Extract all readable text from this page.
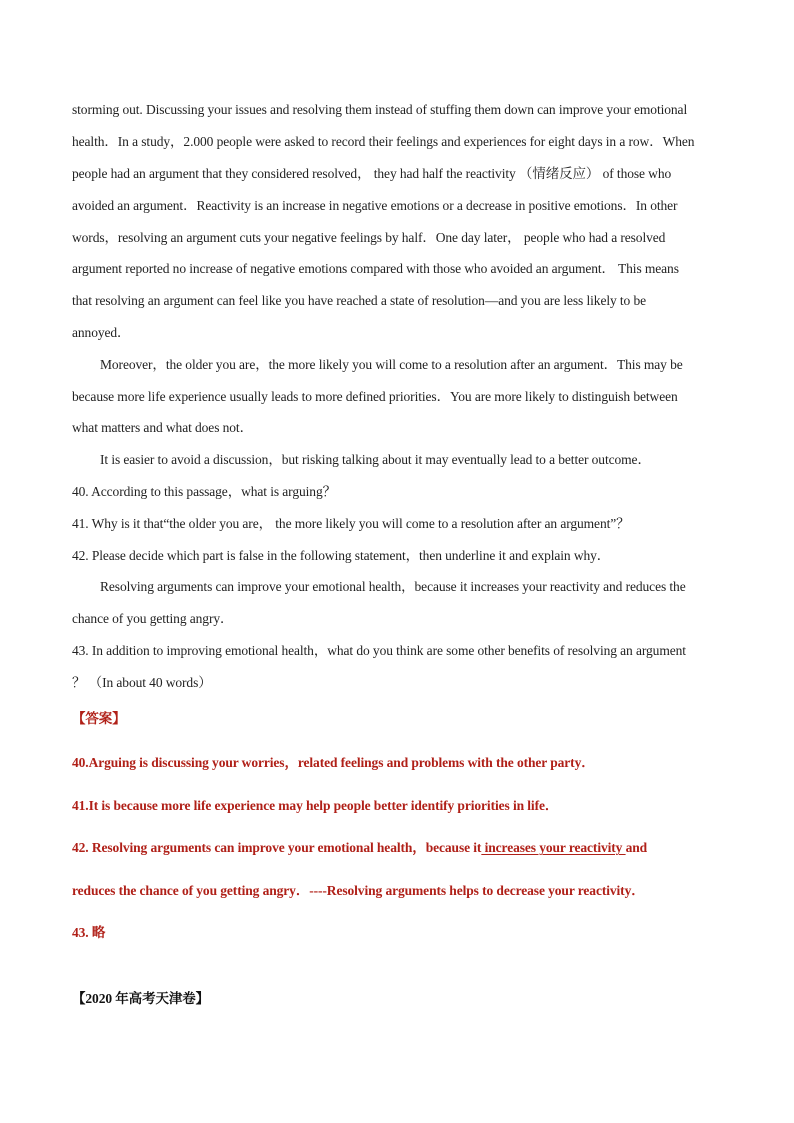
storming out. Discussing your issues and resolving them instead of stuffing them down can improve your emotional
health．In a study，2.000 people were asked to record their feelings and experiences for eight days in a row．When
people had an argument that they considered resolved， they had half the reactivity （情绪反应） of those who
avoided an argument．Reactivity is an increase in negative emotions or a decrease in positive emotions．In other
words，resolving an argument cuts your negative feelings by half．One day later， people who had a resolved
argument reported no increase of negative emotions compared with those who avoided an argument． This means
that resolving an argument can feel like you have reached a state of resolution—and you are less likely to be
annoyed．
Moreover，the older you are，the more likely you will come to a resolution after an argument．This may be
because more life experience usually leads to more defined priorities．You are more likely to distinguish between
what matters and what does not．
It is easier to avoid a discussion，but risking talking about it may eventually lead to a better outcome．
40. According to this passage，what is arguing？
41. Why is it that“the older you are， the more likely you will come to a resolution after an argument”？
42. Please decide which part is false in the following statement，then underline it and explain why．
Resolving arguments can improve your emotional health，because it increases your reactivity and reduces the
chance of you getting angry．
43. In addition to improving emotional health，what do you think are some other benefits of resolving an argument
？ （In about 40 words）
【答案】
40.Arguing is discussing your worries，related feelings and problems with the other party．
41.It is because more life experience may help people better identify priorities in life．
42. Resolving arguments can improve your emotional health，because it increases your reactivity and
reduces the chance of you getting angry．----Resolving arguments helps to decrease your reactivity．
43. 略
【2020 年高考天津卷】
